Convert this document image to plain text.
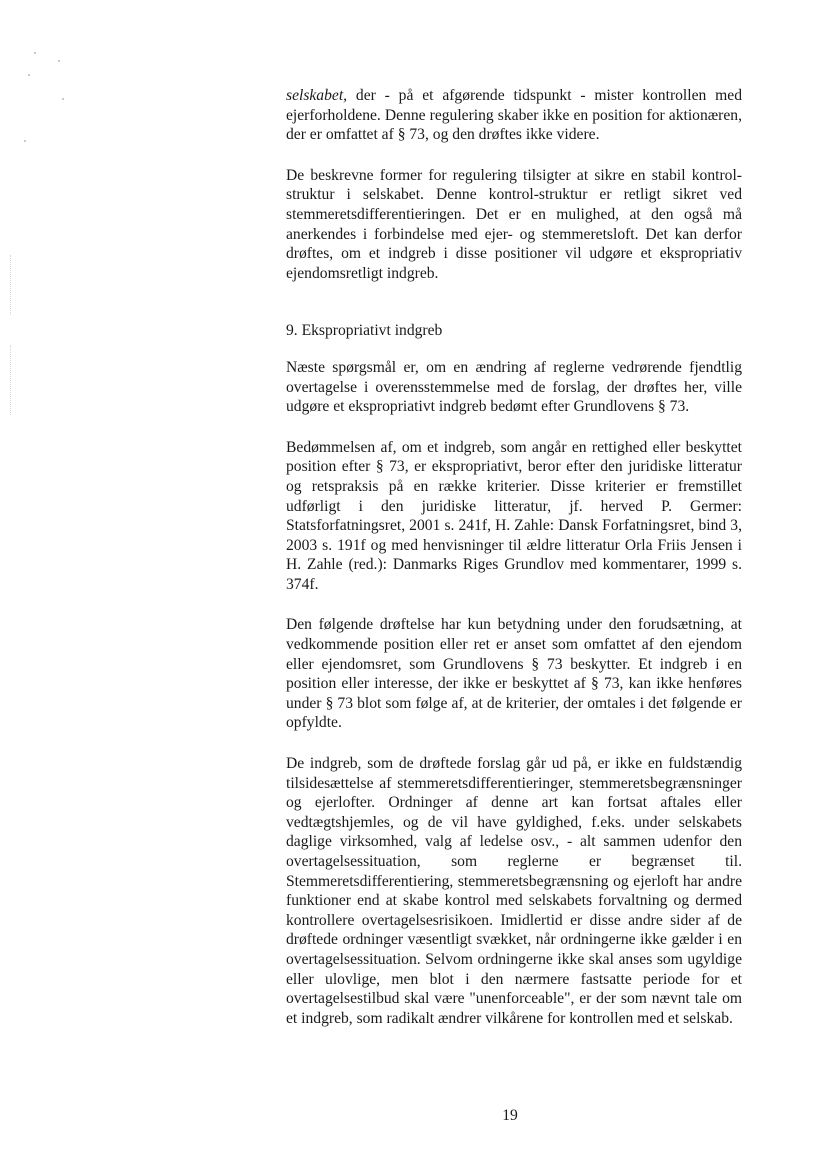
selskabet, der - på et afgørende tidspunkt - mister kontrollen med ejerforholdene. Denne regulering skaber ikke en position for aktionæren, der er omfattet af § 73, og den drøftes ikke videre.

De beskrevne former for regulering tilsigter at sikre en stabil kontrol-struktur i selskabet. Denne kontrol-struktur er retligt sikret ved stemmeretsdifferentieringen. Det er en mulighed, at den også må anerkendes i forbindelse med ejer- og stemmeretsloft. Det kan derfor drøftes, om et indgreb i disse positioner vil udgøre et ekspropriativ ejendomsretligt indgreb.

9. Ekspropriativt indgreb

Næste spørgsmål er, om en ændring af reglerne vedrørende fjendtlig overtagelse i overensstemmelse med de forslag, der drøftes her, ville udgøre et ekspropriativt indgreb bedømt efter Grundlovens § 73.

Bedømmelsen af, om et indgreb, som angår en rettighed eller beskyttet position efter § 73, er ekspropriativt, beror efter den juridiske litteratur og retspraksis på en række kriterier. Disse kriterier er fremstillet udførligt i den juridiske litteratur, jf. herved P. Germer: Statsforfatningsret, 2001 s. 241f, H. Zahle: Dansk Forfatningsret, bind 3, 2003 s. 191f og med henvisninger til ældre litteratur Orla Friis Jensen i H. Zahle (red.): Danmarks Riges Grundlov med kommentarer, 1999 s. 374f.

Den følgende drøftelse har kun betydning under den forudsætning, at vedkommende position eller ret er anset som omfattet af den ejendom eller ejendomsret, som Grundlovens § 73 beskytter. Et indgreb i en position eller interesse, der ikke er beskyttet af § 73, kan ikke henføres under § 73 blot som følge af, at de kriterier, der omtales i det følgende er opfyldte.

De indgreb, som de drøftede forslag går ud på, er ikke en fuldstændig tilsidesættelse af stemmeretsdifferentieringer, stemmeretsbegrænsninger og ejerlofter. Ordninger af denne art kan fortsat aftales eller vedtægtshjemles, og de vil have gyldighed, f.eks. under selskabets daglige virksomhed, valg af ledelse osv., - alt sammen udenfor den overtagelsessituation, som reglerne er begrænset til. Stemmeretsdifferentiering, stemmeretsbegrænsning og ejerloft har andre funktioner end at skabe kontrol med selskabets forvaltning og dermed kontrollere overtagelsesrisikoen. Imidlertid er disse andre sider af de drøftede ordninger væsentligt svækket, når ordningerne ikke gælder i en overtagelsessituation. Selvom ordningerne ikke skal anses som ugyldige eller ulovlige, men blot i den nærmere fastsatte periode for et overtagelsestilbud skal være "unenforceable", er der som nævnt tale om et indgreb, som radikalt ændrer vilkårene for kontrollen med et selskab.

19
